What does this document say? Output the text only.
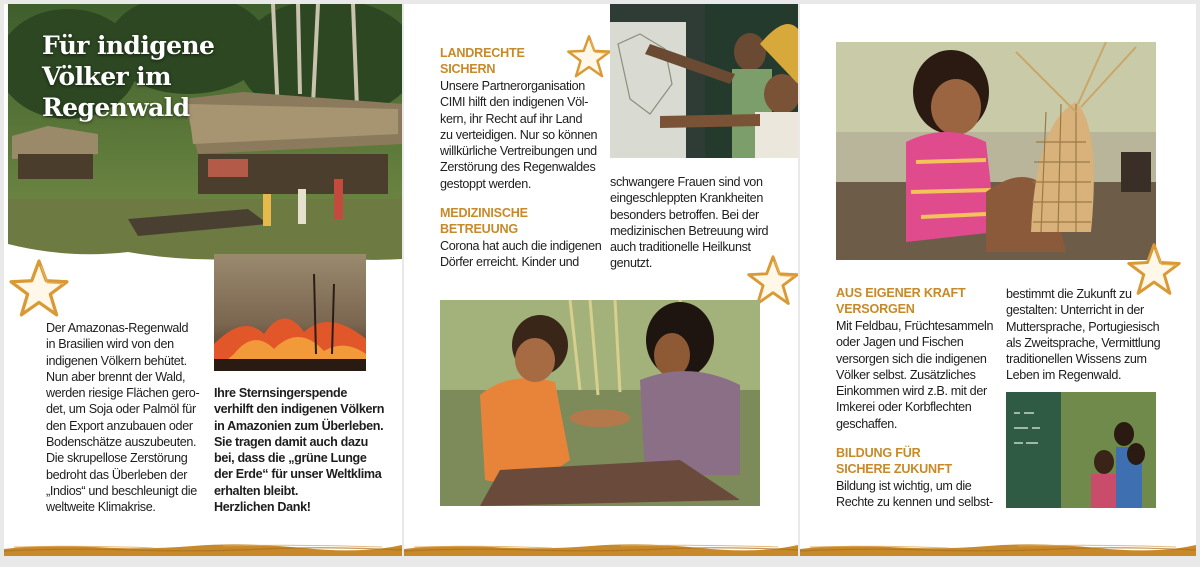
Für indigene
Völker im
Regenwald
Der Amazonas-Regenwald
in Brasilien wird von den
indigenen Völkern behütet.
Nun aber brennt der Wald,
werden riesige Flächen gero-
det, um Soja oder Palmöl für
den Export anzubauen oder
Bodenschätze auszubeuten.
Die skrupellose Zerstörung
bedroht das Überleben der
„Indios“ und beschleunigt die
weltweite Klimakrise.
Ihre Sternsingerspende
verhilft den indigenen Völkern
in Amazonien zum Überleben.
Sie tragen damit auch dazu
bei, dass die „grüne Lunge
der Erde“ für unser Weltklima
erhalten bleibt.
Herzlichen Dank!
LANDRECHTE
SICHERN
Unsere Partnerorganisation
CIMI hilft den indigenen Völ-
kern, ihr Recht auf ihr Land
zu verteidigen. Nur so können
willkürliche Vertreibungen und
Zerstörung des Regenwaldes
gestoppt werden.
MEDIZINISCHE
BETREUUNG
Corona hat auch die indigenen
Dörfer erreicht. Kinder und
schwangere Frauen sind von
eingeschleppten Krankheiten
besonders betroffen. Bei der
medizinischen Betreuung wird
auch traditionelle Heilkunst
genutzt.
AUS EIGENER KRAFT
VERSORGEN
Mit Feldbau, Früchtesammeln
oder Jagen und Fischen
versorgen sich die indigenen
Völker selbst. Zusätzliches
Einkommen wird z.B. mit der
Imkerei oder Korbflechten
geschaffen.
BILDUNG FÜR
SICHERE ZUKUNFT
Bildung ist wichtig, um die
Rechte zu kennen und selbst-
bestimmt die Zukunft zu
gestalten: Unterricht in der
Muttersprache, Portugiesisch
als Zweitsprache, Vermittlung
traditionellen Wissens zum
Leben im Regenwald.
